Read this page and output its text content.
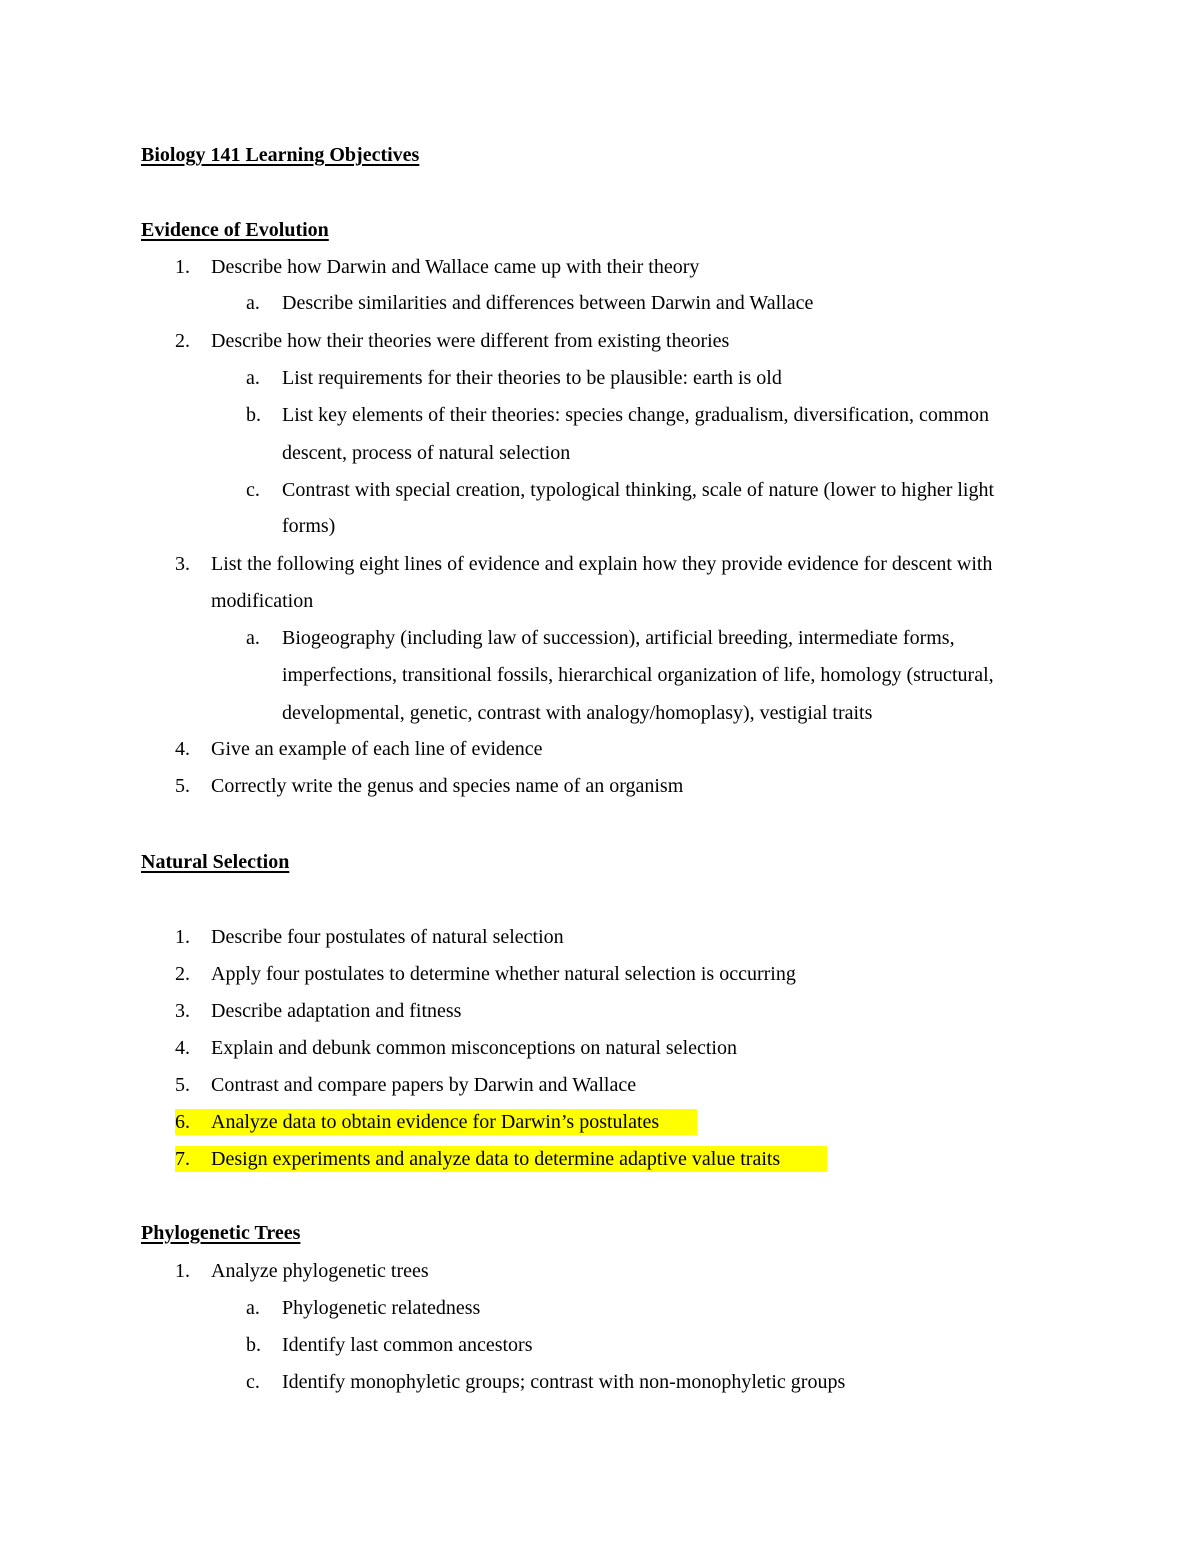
Biology 141 Learning Objectives
Evidence of Evolution
1. Describe how Darwin and Wallace came up with their theory
a. Describe similarities and differences between Darwin and Wallace
2. Describe how their theories were different from existing theories
a. List requirements for their theories to be plausible: earth is old
b. List key elements of their theories: species change, gradualism, diversification, common
descent, process of natural selection
c. Contrast with special creation, typological thinking, scale of nature (lower to higher light
forms)
3. List the following eight lines of evidence and explain how they provide evidence for descent with
modification
a. Biogeography (including law of succession), artificial breeding, intermediate forms,
imperfections, transitional fossils, hierarchical organization of life, homology (structural,
developmental, genetic, contrast with analogy/homoplasy), vestigial traits
4. Give an example of each line of evidence
5. Correctly write the genus and species name of an organism
Natural Selection
1. Describe four postulates of natural selection
2. Apply four postulates to determine whether natural selection is occurring
3. Describe adaptation and fitness
4. Explain and debunk common misconceptions on natural selection
5. Contrast and compare papers by Darwin and Wallace
6. Analyze data to obtain evidence for Darwin’s postulates
7. Design experiments and analyze data to determine adaptive value traits
Phylogenetic Trees
1. Analyze phylogenetic trees
a. Phylogenetic relatedness
b. Identify last common ancestors
c. Identify monophyletic groups; contrast with non-monophyletic groups
